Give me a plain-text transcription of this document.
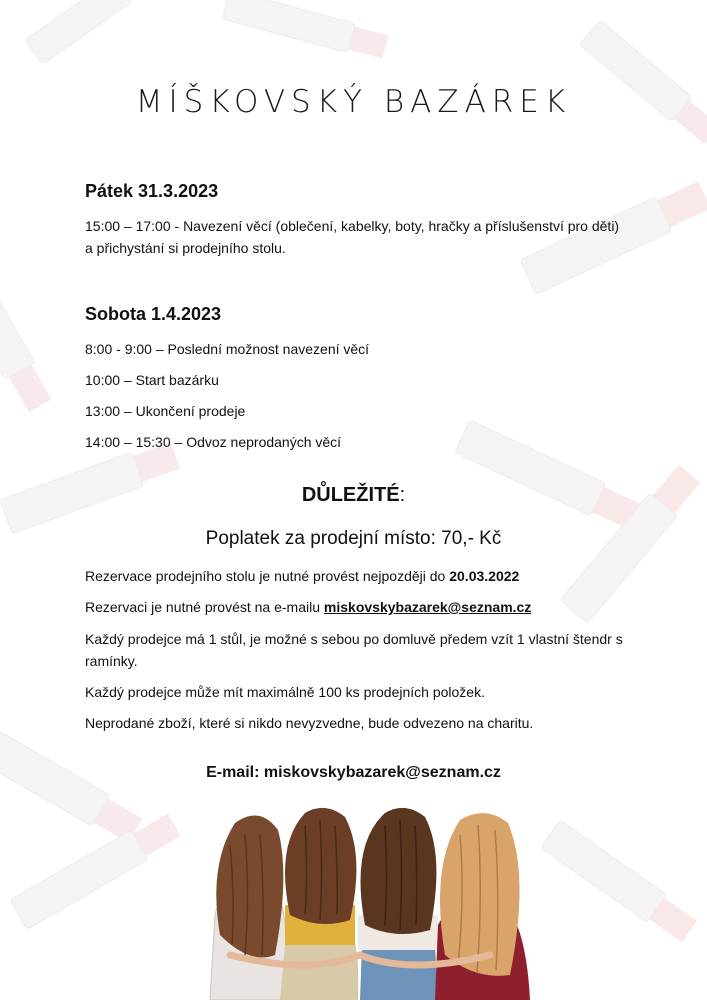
MÍŠKOVSKÝ BAZÁREK
Pátek 31.3.2023
15:00 – 17:00 - Navezení věcí (oblečení, kabelky, boty, hračky a příslušenství pro děti) a přichystání si prodejního stolu.
Sobota 1.4.2023
8:00 - 9:00 – Poslední možnost navezení věcí
10:00 – Start bazárku
13:00 – Ukončení prodeje
14:00 – 15:30 – Odvoz neprodaných věcí
DŮLEŽITÉ:
Poplatek za prodejní místo: 70,- Kč
Rezervace prodejního stolu je nutné provést nejpozději do 20.03.2022
Rezervaci je nutné provést na e-mailu miskovskybazarek@seznam.cz
Každý prodejce má 1 stůl, je možné s sebou po domluvě předem vzít 1 vlastní štendr s ramínky.
Každý prodejce může mít maximálně 100 ks prodejních položek.
Neprodané zboží, které si nikdo nevyzvedne, bude odvezeno na charitu.
E-mail: miskovskybazarek@seznam.cz
